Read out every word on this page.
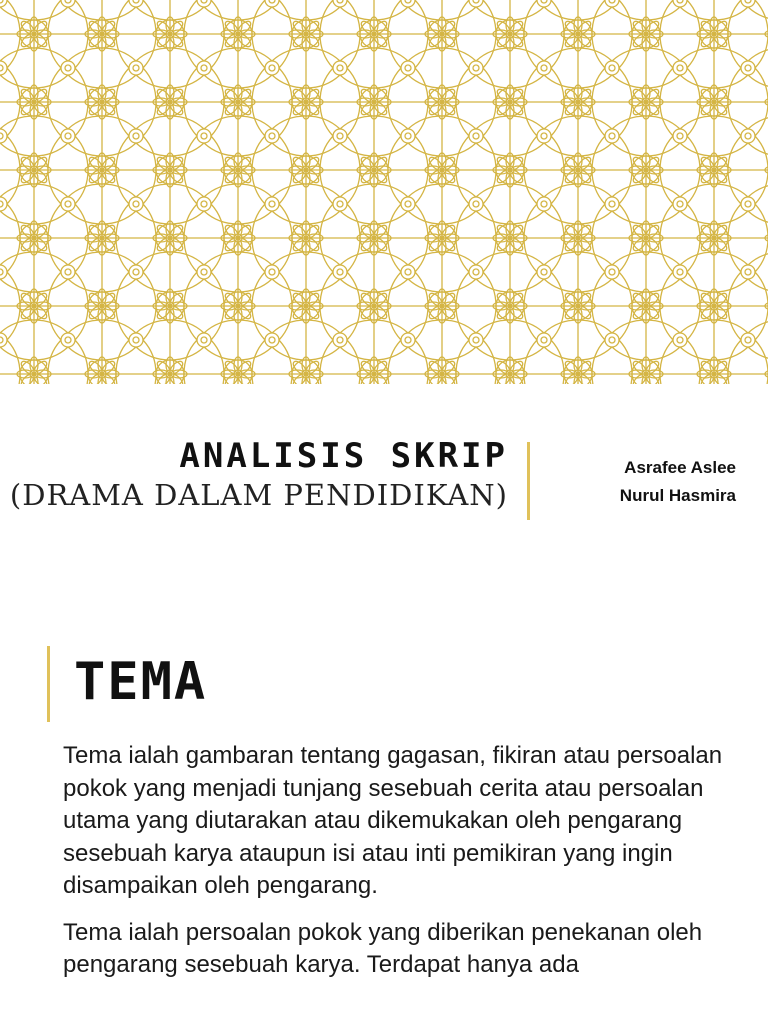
ANALISIS SKRIP
(DRAMA DALAM PENDIDIKAN)
Asrafee Aslee
Nurul Hasmira
TEMA

Tema ialah gambaran tentang gagasan, fikiran atau persoalan pokok yang menjadi tunjang sesebuah cerita atau persoalan utama yang diutarakan atau dikemukakan oleh pengarang sesebuah karya ataupun isi atau inti pemikiran yang ingin disampaikan oleh pengarang.

Tema ialah persoalan pokok yang diberikan penekanan oleh pengarang sesebuah karya. Terdapat hanya ada
